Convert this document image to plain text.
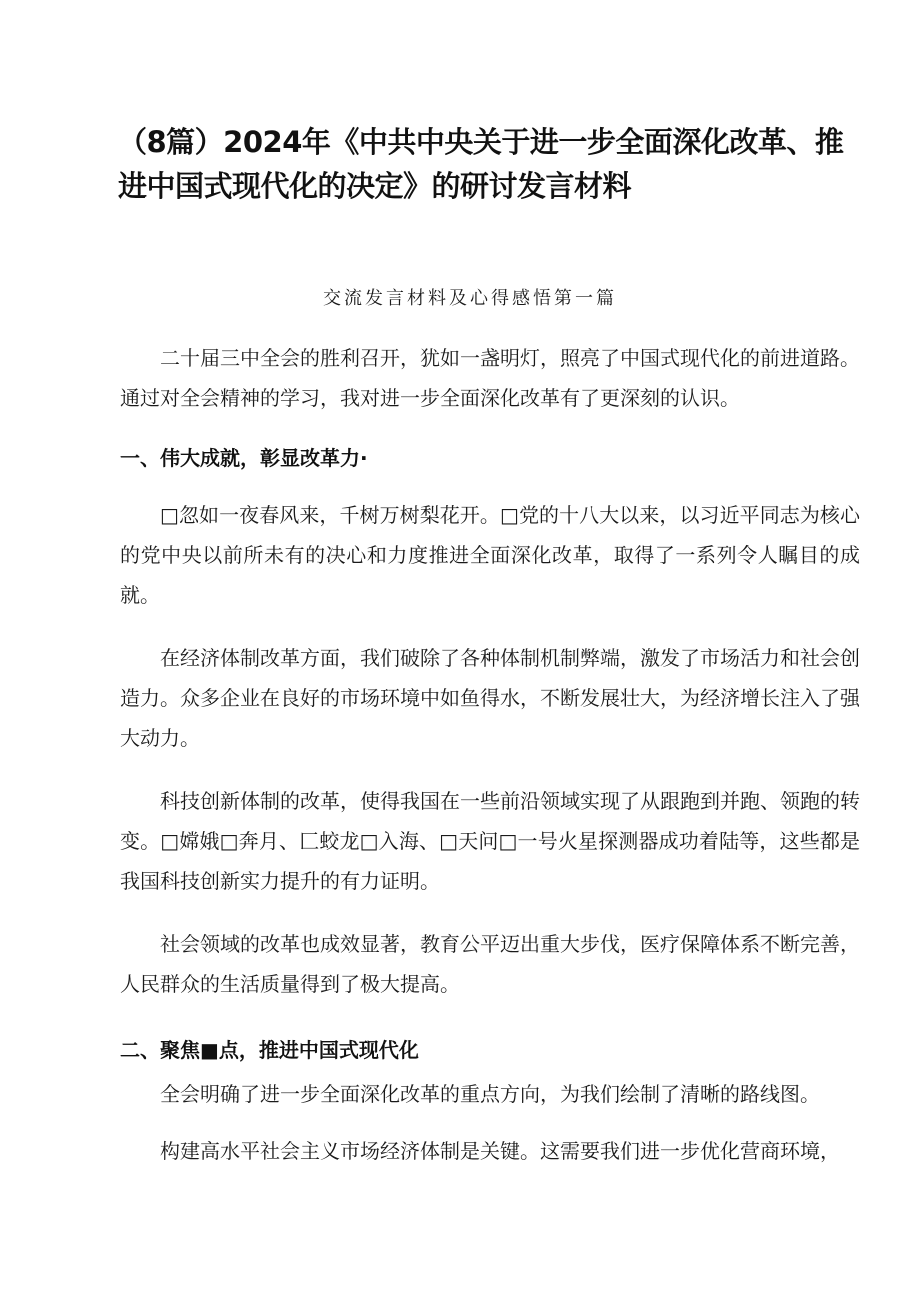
（8篇）2024年《中共中央关于进一步全面深化改革、推进中国式现代化的决定》的研讨发言材料

交流发言材料及心得感悟第一篇

二十届三中全会的胜利召开，犹如一盏明灯，照亮了中国式现代化的前进道路。通过对全会精神的学习，我对进一步全面深化改革有了更深刻的认识。

一、伟大成就，彰显改革力·

□忽如一夜春风来，千树万树梨花开。□党的十八大以来，以习近平同志为核心的党中央以前所未有的决心和力度推进全面深化改革，取得了一系列令人瞩目的成就。

在经济体制改革方面，我们破除了各种体制机制弊端，激发了市场活力和社会创造力。众多企业在良好的市场环境中如鱼得水，不断发展壮大，为经济增长注入了强大动力。

科技创新体制的改革，使得我国在一些前沿领域实现了从跟跑到并跑、领跑的转变。□嫦娥□奔月、匚蛟龙□入海、□天问□一号火星探测器成功着陆等，这些都是我国科技创新实力提升的有力证明。

社会领域的改革也成效显著，教育公平迈出重大步伐，医疗保障体系不断完善，人民群众的生活质量得到了极大提高。

二、聚焦■点，推进中国式现代化

全会明确了进一步全面深化改革的重点方向，为我们绘制了清晰的路线图。

构建高水平社会主义市场经济体制是关键。这需要我们进一步优化营商环境，
